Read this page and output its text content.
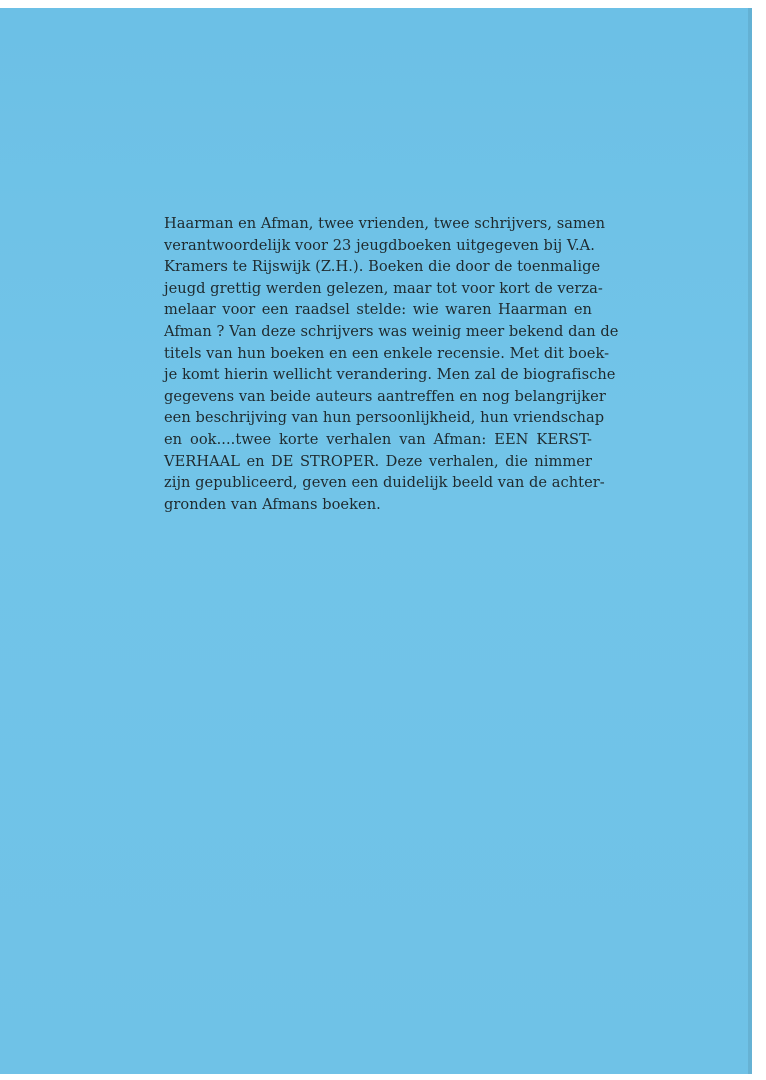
Haarman en Afman, twee vrienden, twee schrijvers, samen
verantwoordelijk voor 23 jeugdboeken uitgegeven bij V.A.
Kramers te Rijswijk (Z.H.). Boeken die door de toenmalige
jeugd grettig werden gelezen, maar tot voor kort de verza-
melaar voor een raadsel stelde: wie waren Haarman en
Afman ? Van deze schrijvers was weinig meer bekend dan de
titels van hun boeken en een enkele recensie. Met dit boek-
je komt hierin wellicht verandering. Men zal de biografische
gegevens van beide auteurs aantreffen en nog belangrijker
een beschrijving van hun persoonlijkheid, hun vriendschap
en ook....twee korte verhalen van Afman: EEN KERST-
VERHAAL en DE STROPER. Deze verhalen, die nimmer
zijn gepubliceerd, geven een duidelijk beeld van de achter-
gronden van Afmans boeken.
